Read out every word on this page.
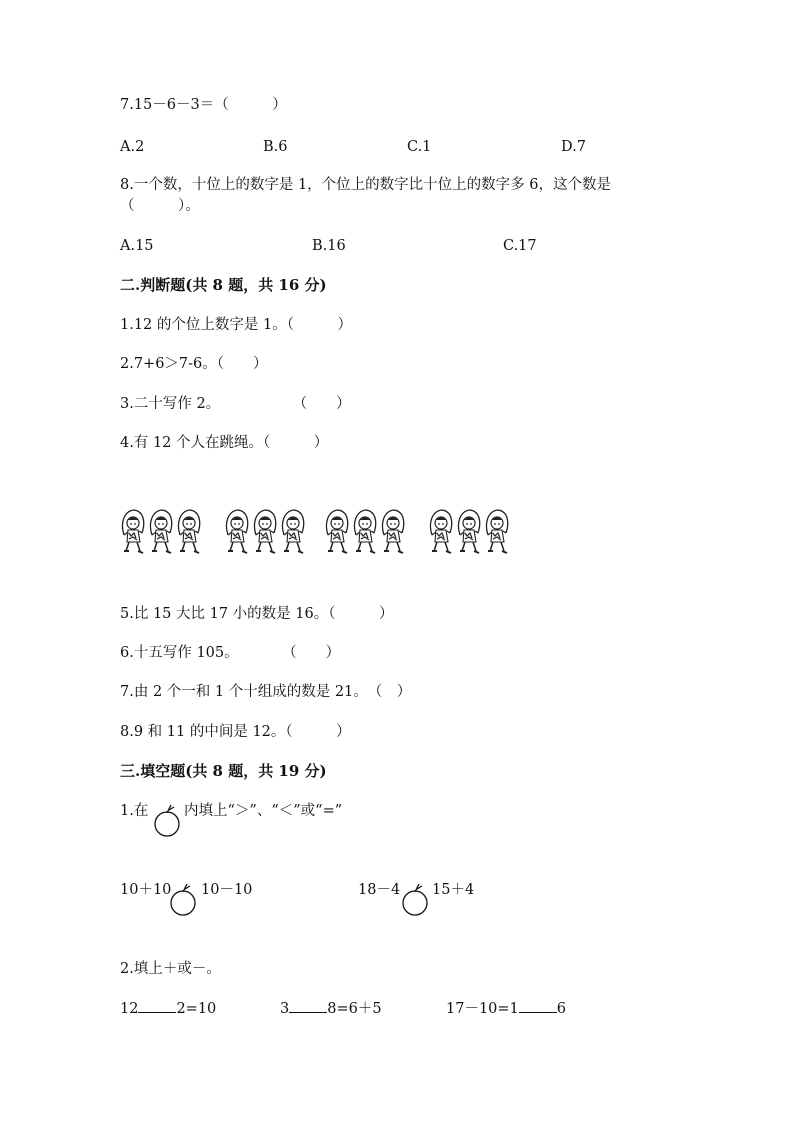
7.15－6－3＝（　　　）
A.2	B.6	C.1	D.7
8.一个数，十位上的数字是 1，个位上的数字比十位上的数字多 6，这个数是
（　　　）。
A.15	B.16	C.17
二.判断题(共 8 题，共 16 分)
1.12 的个位上数字是 1。（　　　）
2.7+6＞7-6。（　　）
3.二十写作 2。　　　　　　（　　）
4.有 12 个人在跳绳。（　　　）
5.比 15 大比 17 小的数是 16。（　　　）
6.十五写作 105。　　　　（　　）
7.由 2 个一和 1 个十组成的数是 21。　（　）
8.9 和 11 的中间是 12。（　　　）
三.填空题(共 8 题，共 19 分)
1.在 内填上“＞”、“＜”或“=”
10＋10 10－10	18－4 15＋4
2.填上＋或－。
12	2=10	3	8=6＋5	17－10=1	6
